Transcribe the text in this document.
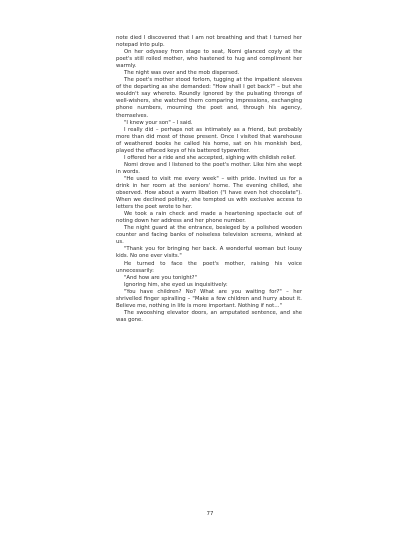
note died I discovered that I am not breathing and that I turned her notepad into pulp.

On her odyssey from stage to seat, Nomi glanced coyly at the poet's still roiled mother, who hastened to hug and compliment her warmly.

The night was over and the mob dispersed.

The poet's mother stood forlorn, tugging at the impatient sleeves of the departing as she demanded: "How shall I get back?" – but she wouldn't say whereto. Roundly ignored by the pulsating throngs of well-wishers, she watched them comparing impressions, exchanging phone numbers, mourning the poet and, through his agency, themselves.

"I knew your son" – I said.

I really did – perhaps not as intimately as a friend, but probably more than did most of those present. Once I visited that warehouse of weathered books he called his home, sat on his monkish bed, played the effaced keys of his battered typewriter.

I offered her a ride and she accepted, sighing with childish relief.

Nomi drove and I listened to the poet's mother. Like him she wept in words.

"He used to visit me every week" – with pride. Invited us for a drink in her room at the seniors' home. The evening chilled, she observed. How about a warm libation ("I have even hot chocolate"). When we declined politely, she tempted us with exclusive access to letters the poet wrote to her.

We took a rain check and made a heartening spectacle out of noting down her address and her phone number.

The night guard at the entrance, besieged by a polished wooden counter and facing banks of noiseless television screens, winked at us.

"Thank you for bringing her back. A wonderful woman but lousy kids. No one ever visits."

He turned to face the poet's mother, raising his voice unnecessarily:

"And how are you tonight?"

Ignoring him, she eyed us inquisitively:

"You have children? No? What are you waiting for?" – her shrivelled finger spiralling – "Make a few children and hurry about it. Believe me, nothing in life is more important. Nothing if not…"

The swooshing elevator doors, an amputated sentence, and she was gone.

77
